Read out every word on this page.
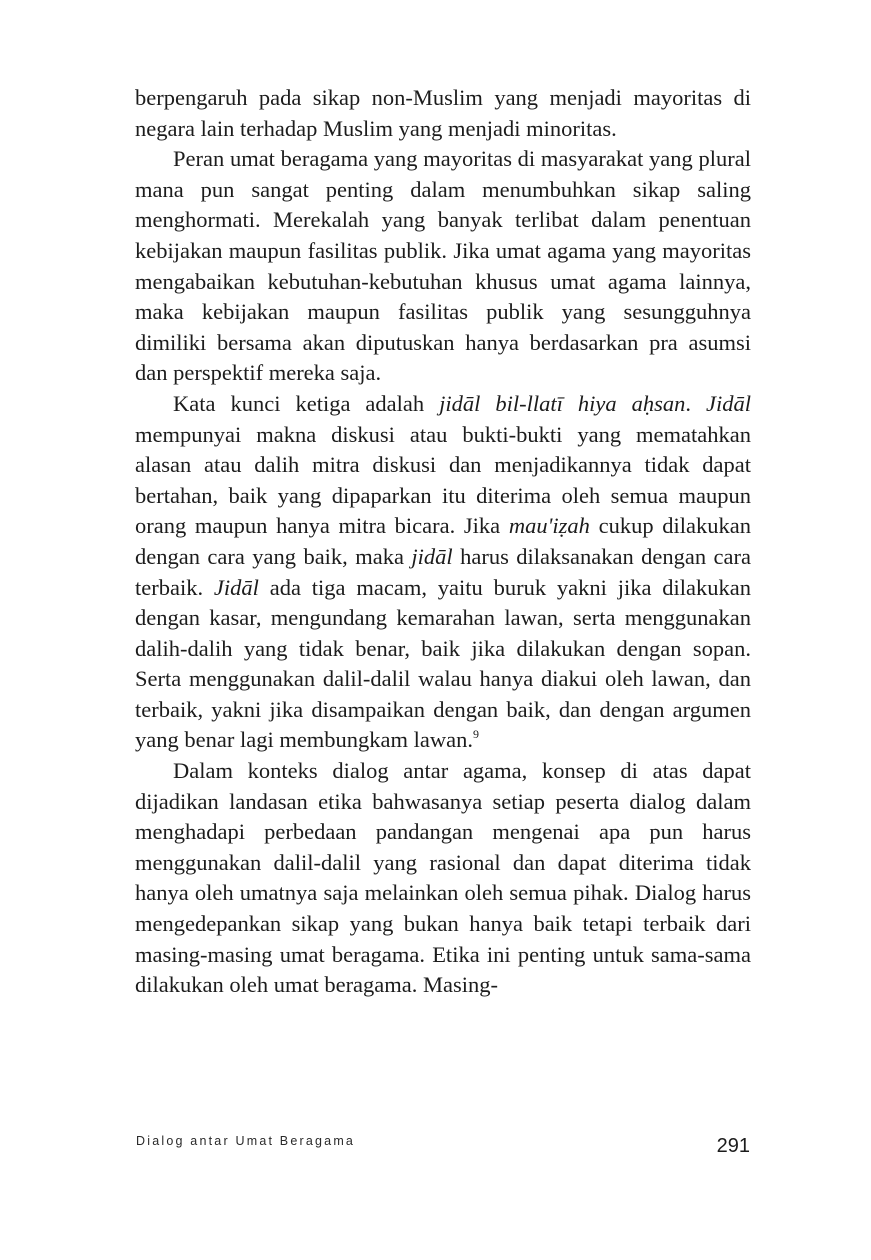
berpengaruh pada sikap non-Muslim yang menjadi mayoritas di negara lain terhadap Muslim yang menjadi minoritas.

Peran umat beragama yang mayoritas di masyarakat yang plural mana pun sangat penting dalam menumbuhkan sikap saling menghormati. Merekalah yang banyak terlibat dalam penentuan kebijakan maupun fasilitas publik. Jika umat agama yang mayoritas mengabaikan kebutuhan-kebutuhan khusus umat agama lainnya, maka kebijakan maupun fasilitas publik yang sesungguhnya dimiliki bersama akan diputuskan hanya berdasarkan pra asumsi dan perspektif mereka saja.

Kata kunci ketiga adalah jidāl bil-llatī hiya aḥsan. Jidāl mempunyai makna diskusi atau bukti-bukti yang mematahkan alasan atau dalih mitra diskusi dan menjadikannya tidak dapat bertahan, baik yang dipaparkan itu diterima oleh semua maupun orang maupun hanya mitra bicara. Jika mau'iẓah cukup dilakukan dengan cara yang baik, maka jidāl harus dilaksanakan dengan cara terbaik. Jidāl ada tiga macam, yaitu buruk yakni jika dilakukan dengan kasar, mengundang kemarahan lawan, serta menggunakan dalih-dalih yang tidak benar, baik jika dilakukan dengan sopan. Serta menggunakan dalil-dalil walau hanya diakui oleh lawan, dan terbaik, yakni jika disampaikan dengan baik, dan dengan argumen yang benar lagi membungkam lawan.$^9$

Dalam konteks dialog antar agama, konsep di atas dapat dijadikan landasan etika bahwasanya setiap peserta dialog dalam menghadapi perbedaan pandangan mengenai apa pun harus menggunakan dalil-dalil yang rasional dan dapat diterima tidak hanya oleh umatnya saja melainkan oleh semua pihak. Dialog harus mengedepankan sikap yang bukan hanya baik tetapi terbaik dari masing-masing umat beragama. Etika ini penting untuk sama-sama dilakukan oleh umat beragama. Masing-

Dialog antar Umat Beragama	291
